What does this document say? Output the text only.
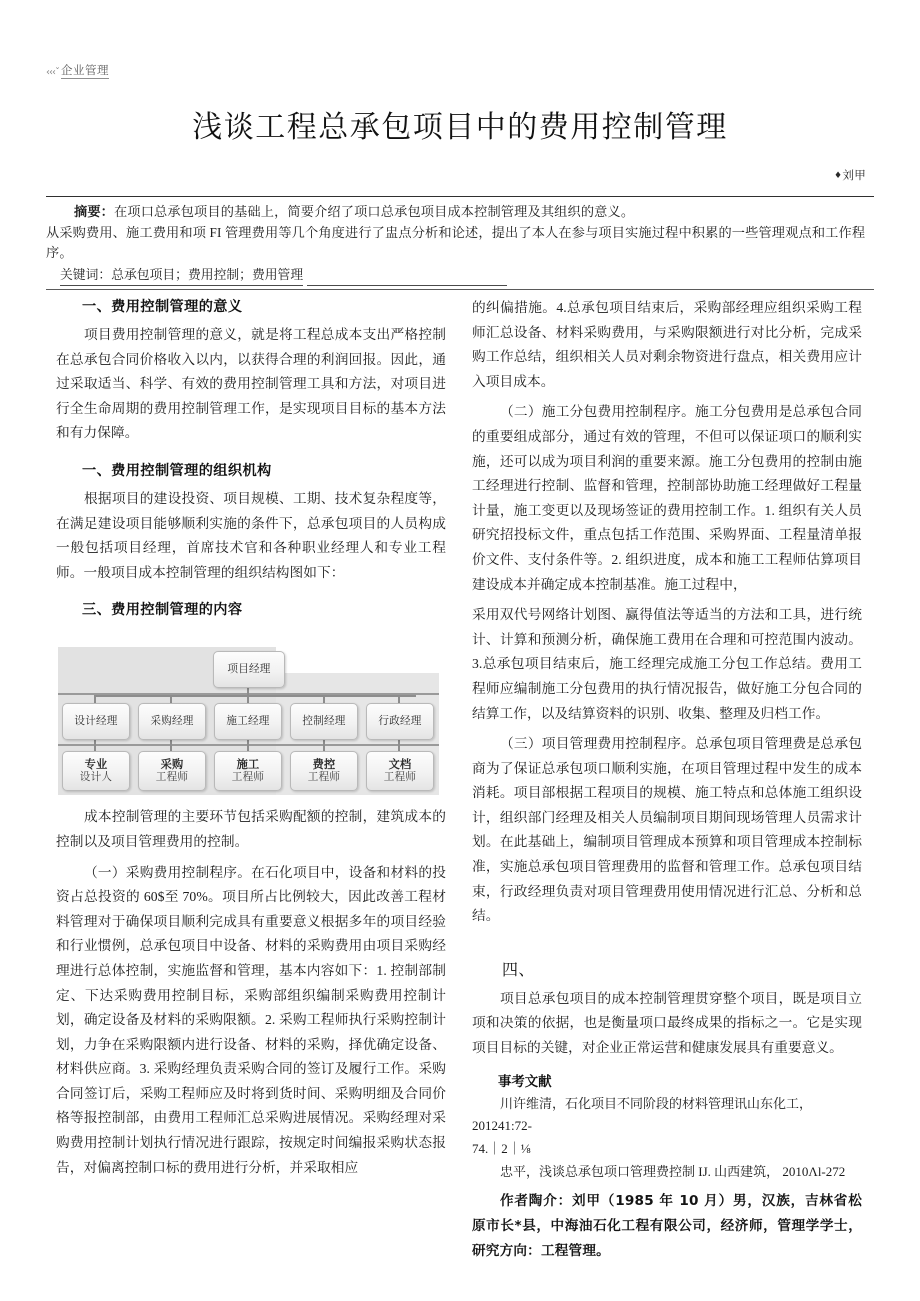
‹‹‹ˇ 企业管理
浅谈工程总承包项目中的费用控制管理
♦刘甲
摘要：在项口总承包项目的基础上，简要介绍了项口总承包项目成本控制管理及其组织的意义。
从采购费用、施工费用和项 FI 管理费用等几个角度进行了盅点分析和论述，提出了本人在参与项目实施过程中积累的一些管理观点和工作程序。
关键词：总承包项目；费用控制；费用管理
一、费用控制管理的意义

项目费用控制管理的意义，就是将工程总成本支出严格控制在总承包合同价格收入以内，以获得合理的利润回报。因此，通过采取适当、科学、有效的费用控制管理工具和方法，对项目进行全生命周期的费用控制管理工作，是实现项目目标的基本方法和有力保障。

一、费用控制管理的组织机构

根据项目的建设投资、项目规模、工期、技术复杂程度等，在满足建设项目能够顺利实施的条件下，总承包项目的人员构成一般包括项目经理，首席技术官和各种职业经理人和专业工程师。一般项目成本控制管理的组织结构图如下：

三、费用控制管理的内容
项目经理
设计经理	采购经理	施工经理	控制经理	行政经理
专业
设计人
采购
工程师
施工
工程师
费控
工程师
文档
工程师

成本控制管理的主要环节包括采购配额的控制，建筑成本的控制以及项目管理费用的控制。

（一）采购费用控制程序。在石化项目中，设备和材料的投资占总投资的 60$至 70%。项目所占比例较大，因此改善工程材料管理对于确保项目顺利完成具有重要意义根据多年的项目经验和行业惯例，总承包项目中设备、材料的采购费用由项目采购经理进行总体控制，实施监督和管理，基本内容如下：1. 控制部制定、下达采购费用控制目标，采购部组织编制采购费用控制计划，确定设备及材料的采购限额。2. 采购工程师执行采购控制计划，力争在采购限额内进行设备、材料的采购，择优确定设备、材料供应商。3. 采购经理负责采购合同的签订及履行工作。采购合同签订后，采购工程师应及时将到货时间、采购明细及合同价格等报控制部，由费用工程师汇总采购进展情况。采购经理对采购费用控制计划执行情况进行跟踪，按规定时间编报采购状态报告，对偏离控制口标的费用进行分析，并采取相应

的纠偏措施。4.总承包项目结束后，采购部经理应组织采购工程师汇总设备、材料采购费用，与采购限额进行对比分析，完成采购工作总结，组织相关人员对剩余物资进行盘点，相关费用应计入项目成本。

（二）施工分包费用控制程序。施工分包费用是总承包合同的重要组成部分，通过有效的管理，不但可以保证项口的顺利实施，还可以成为项目利润的重要来源。施工分包费用的控制由施工经理进行控制、监督和管理，控制部协助施工经理做好工程量计量，施工变更以及现场签证的费用控制工作。1. 组织有关人员研究招投标文件，重点包括工作范围、采购界面、工程量清单报价文件、支付条件等。2. 组织进度，成本和施工工程师估算项目建设成本并确定成本控制基准。施工过程中，

采用双代号网络计划图、赢得值法等适当的方法和工具，进行统计、计算和预测分析，确保施工费用在合理和可控范围内波动。3.总承包项目结束后，施工经理完成施工分包工作总结。费用工程师应编制施工分包费用的执行情况报告，做好施工分包合同的结算工作，以及结算资料的识别、收集、整理及归档工作。

（三）项目管理费用控制程序。总承包项目管理费是总承包商为了保证总承包项口顺利实施，在项目管理过程中发生的成本消耗。项目部根据工程项目的规模、施工特点和总体施工组织设计，组织部门经理及相关人员编制项目期间现场管理人员需求计划。在此基础上，编制项目管理成本预算和项目管理成本控制标准，实施总承包项目管理费用的监督和管理工作。总承包项目结束，行政经理负责对项目管理费用使用情况进行汇总、分析和总结。

四、

项目总承包项目的成本控制管理贯穿整个项目，既是项目立项和决策的依据，也是衡量项口最终成果的指标之一。它是实现项目目标的关键，对企业正常运营和健康发展具有重要意义。

事考文献

川许维清，石化项目不同阶段的材料管理讯山东化工，201241:72-

74.｜2｜⅛

忠平，浅谈总承包项口管理费控制 IJ. 山西建筑， 2010Λl-272

作者陶介：刘甲（1985 年 10 月）男，汉族，吉林省松原市长*县，中海油石化工程有限公司，经济师，管理学学士，研究方向：工程管理。
